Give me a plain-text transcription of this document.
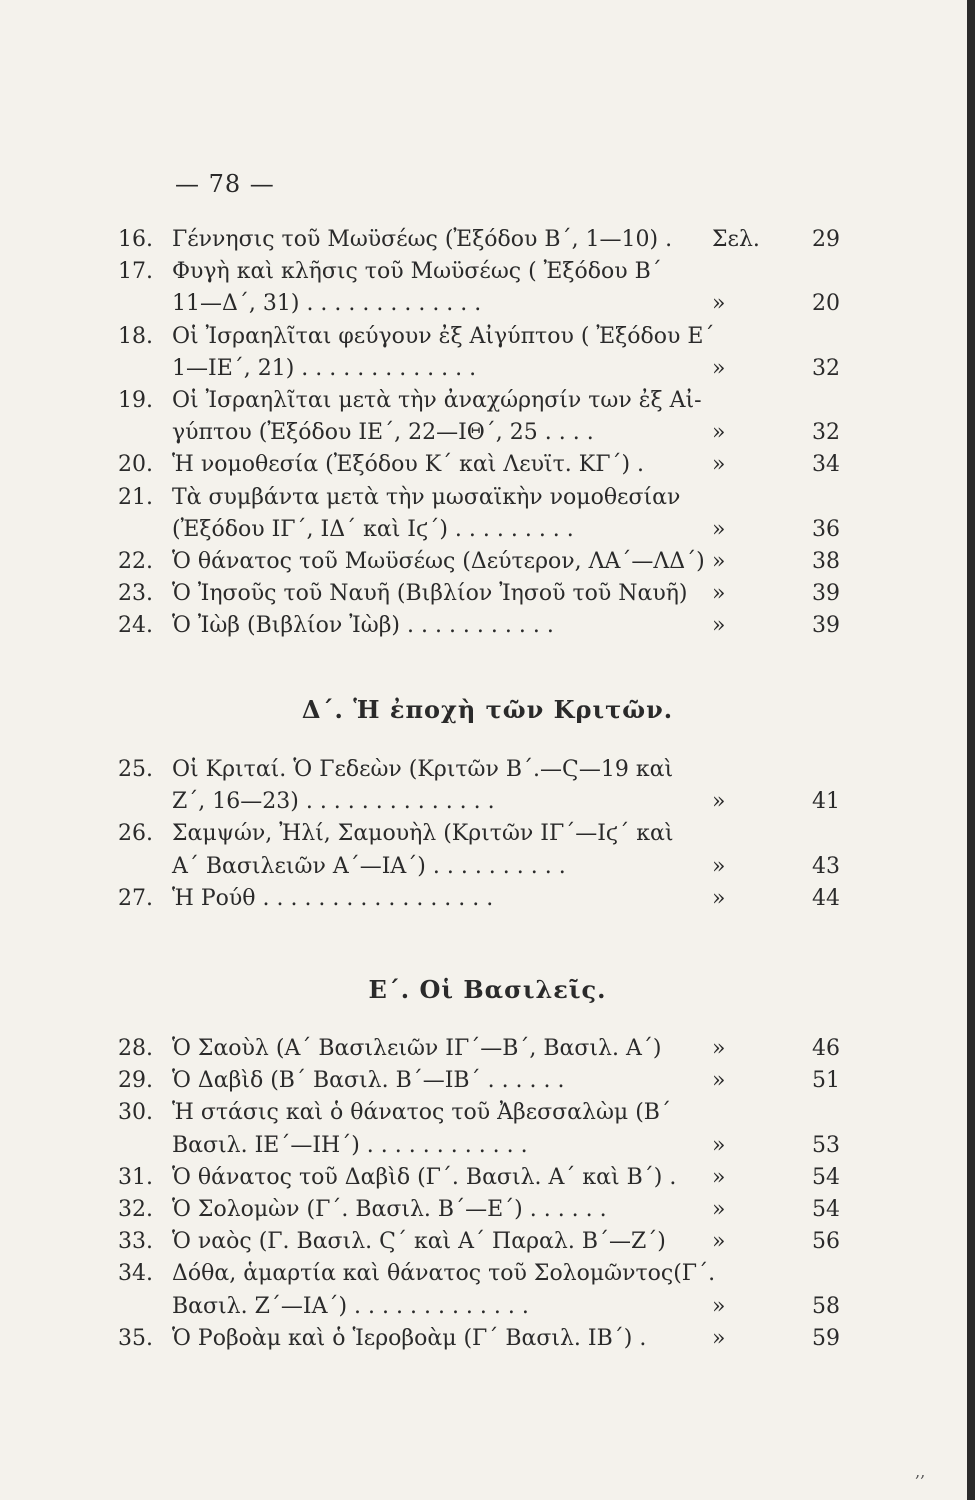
— 78 —
16. Γέννησις τοῦ Μωϋσέως (Ἐξόδου Β΄, 1—10) . Σελ. 29
17. Φυγὴ καὶ κλῆσις τοῦ Μωϋσέως ( Ἐξόδου Β΄
11—Δ΄, 31) . . . . . . . . . . . . .	»	20
18. Οἱ Ἰσραηλῖται φεύγουν ἐξ Αἰγύπτου ( Ἐξόδου Ε΄
1—ΙΕ΄, 21) . . . . . . . . . . . . .	»	32
19. Οἱ Ἰσραηλῖται μετὰ τὴν ἀναχώρησίν των ἐξ Αἰ-
γύπτου (Ἐξόδου ΙΕ΄, 22—ΙΘ΄, 25 . . . .	»	32
20. Ἡ νομοθεσία (Ἐξόδου Κ΄ καὶ Λευϊτ. ΚΓ΄) .	»	34
21. Τὰ συμβάντα μετὰ τὴν μωσαϊκὴν νομοθεσίαν
(Ἐξόδου ΙΓ΄, ΙΔ΄ καὶ Ιϛ΄) . . . . . . . . .	»	36
22. Ὁ θάνατος τοῦ Μωϋσέως (Δεύτερον, ΛΑ΄—ΛΔ΄) »	38
23. Ὁ Ἰησοῦς τοῦ Ναυῆ (Βιβλίον Ἰησοῦ τοῦ Ναυῆ) »	39
24. Ὁ Ἰὼβ (Βιβλίον Ἰὼβ) . . . . . . . . . . .	»	39
Δ΄. Ἡ ἐποχὴ τῶν Κριτῶν.
25. Οἱ Κριταί. Ὁ Γεδεὼν (Κριτῶν Β΄.—Ϛ—19 καὶ
Ζ΄, 16—23) . . . . . . . . . . . . . .	»	41
26. Σαμψών, Ἠλί, Σαμουὴλ (Κριτῶν ΙΓ΄—Ιϛ΄ καὶ
Α΄ Βασιλειῶν Α΄—ΙΑ΄) . . . . . . . . . .	»	43
27. Ἡ Ρούθ . . . . . . . . . . . . . . . . .	»	44
Ε΄. Οἱ Βασιλεῖς.
28. Ὁ Σαοὺλ (Α΄ Βασιλειῶν ΙΓ΄—Β΄, Βασιλ. Α΄) »	46
29. Ὁ Δαβὶδ (Β΄ Βασιλ. Β΄—ΙΒ΄ . . . . . .	»	51
30. Ἡ στάσις καὶ ὁ θάνατος τοῦ Ἀβεσσαλὼμ (Β΄
Βασιλ. ΙΕ΄—ΙΗ΄) . . . . . . . . . . . .	»	53
31. Ὁ θάνατος τοῦ Δαβὶδ (Γ΄. Βασιλ. Α΄ καὶ Β΄) . »	54
32. Ὁ Σολομὼν (Γ΄. Βασιλ. Β΄—Ε΄) . . . . . .	»	54
33. Ὁ ναὸς (Γ. Βασιλ. Ϛ΄ καὶ Α΄ Παραλ. Β΄—Ζ΄) »	56
34. Δόθα, ἁμαρτία καὶ θάνατος τοῦ Σολομῶντος(Γ΄.
Βασιλ. Ζ΄—ΙΑ΄) . . . . . . . . . . . . .	»	58
35. Ὁ Ροβοὰμ καὶ ὁ Ἱεροβοὰμ (Γ΄ Βασιλ. ΙΒ΄) .	»	59
‚‚
